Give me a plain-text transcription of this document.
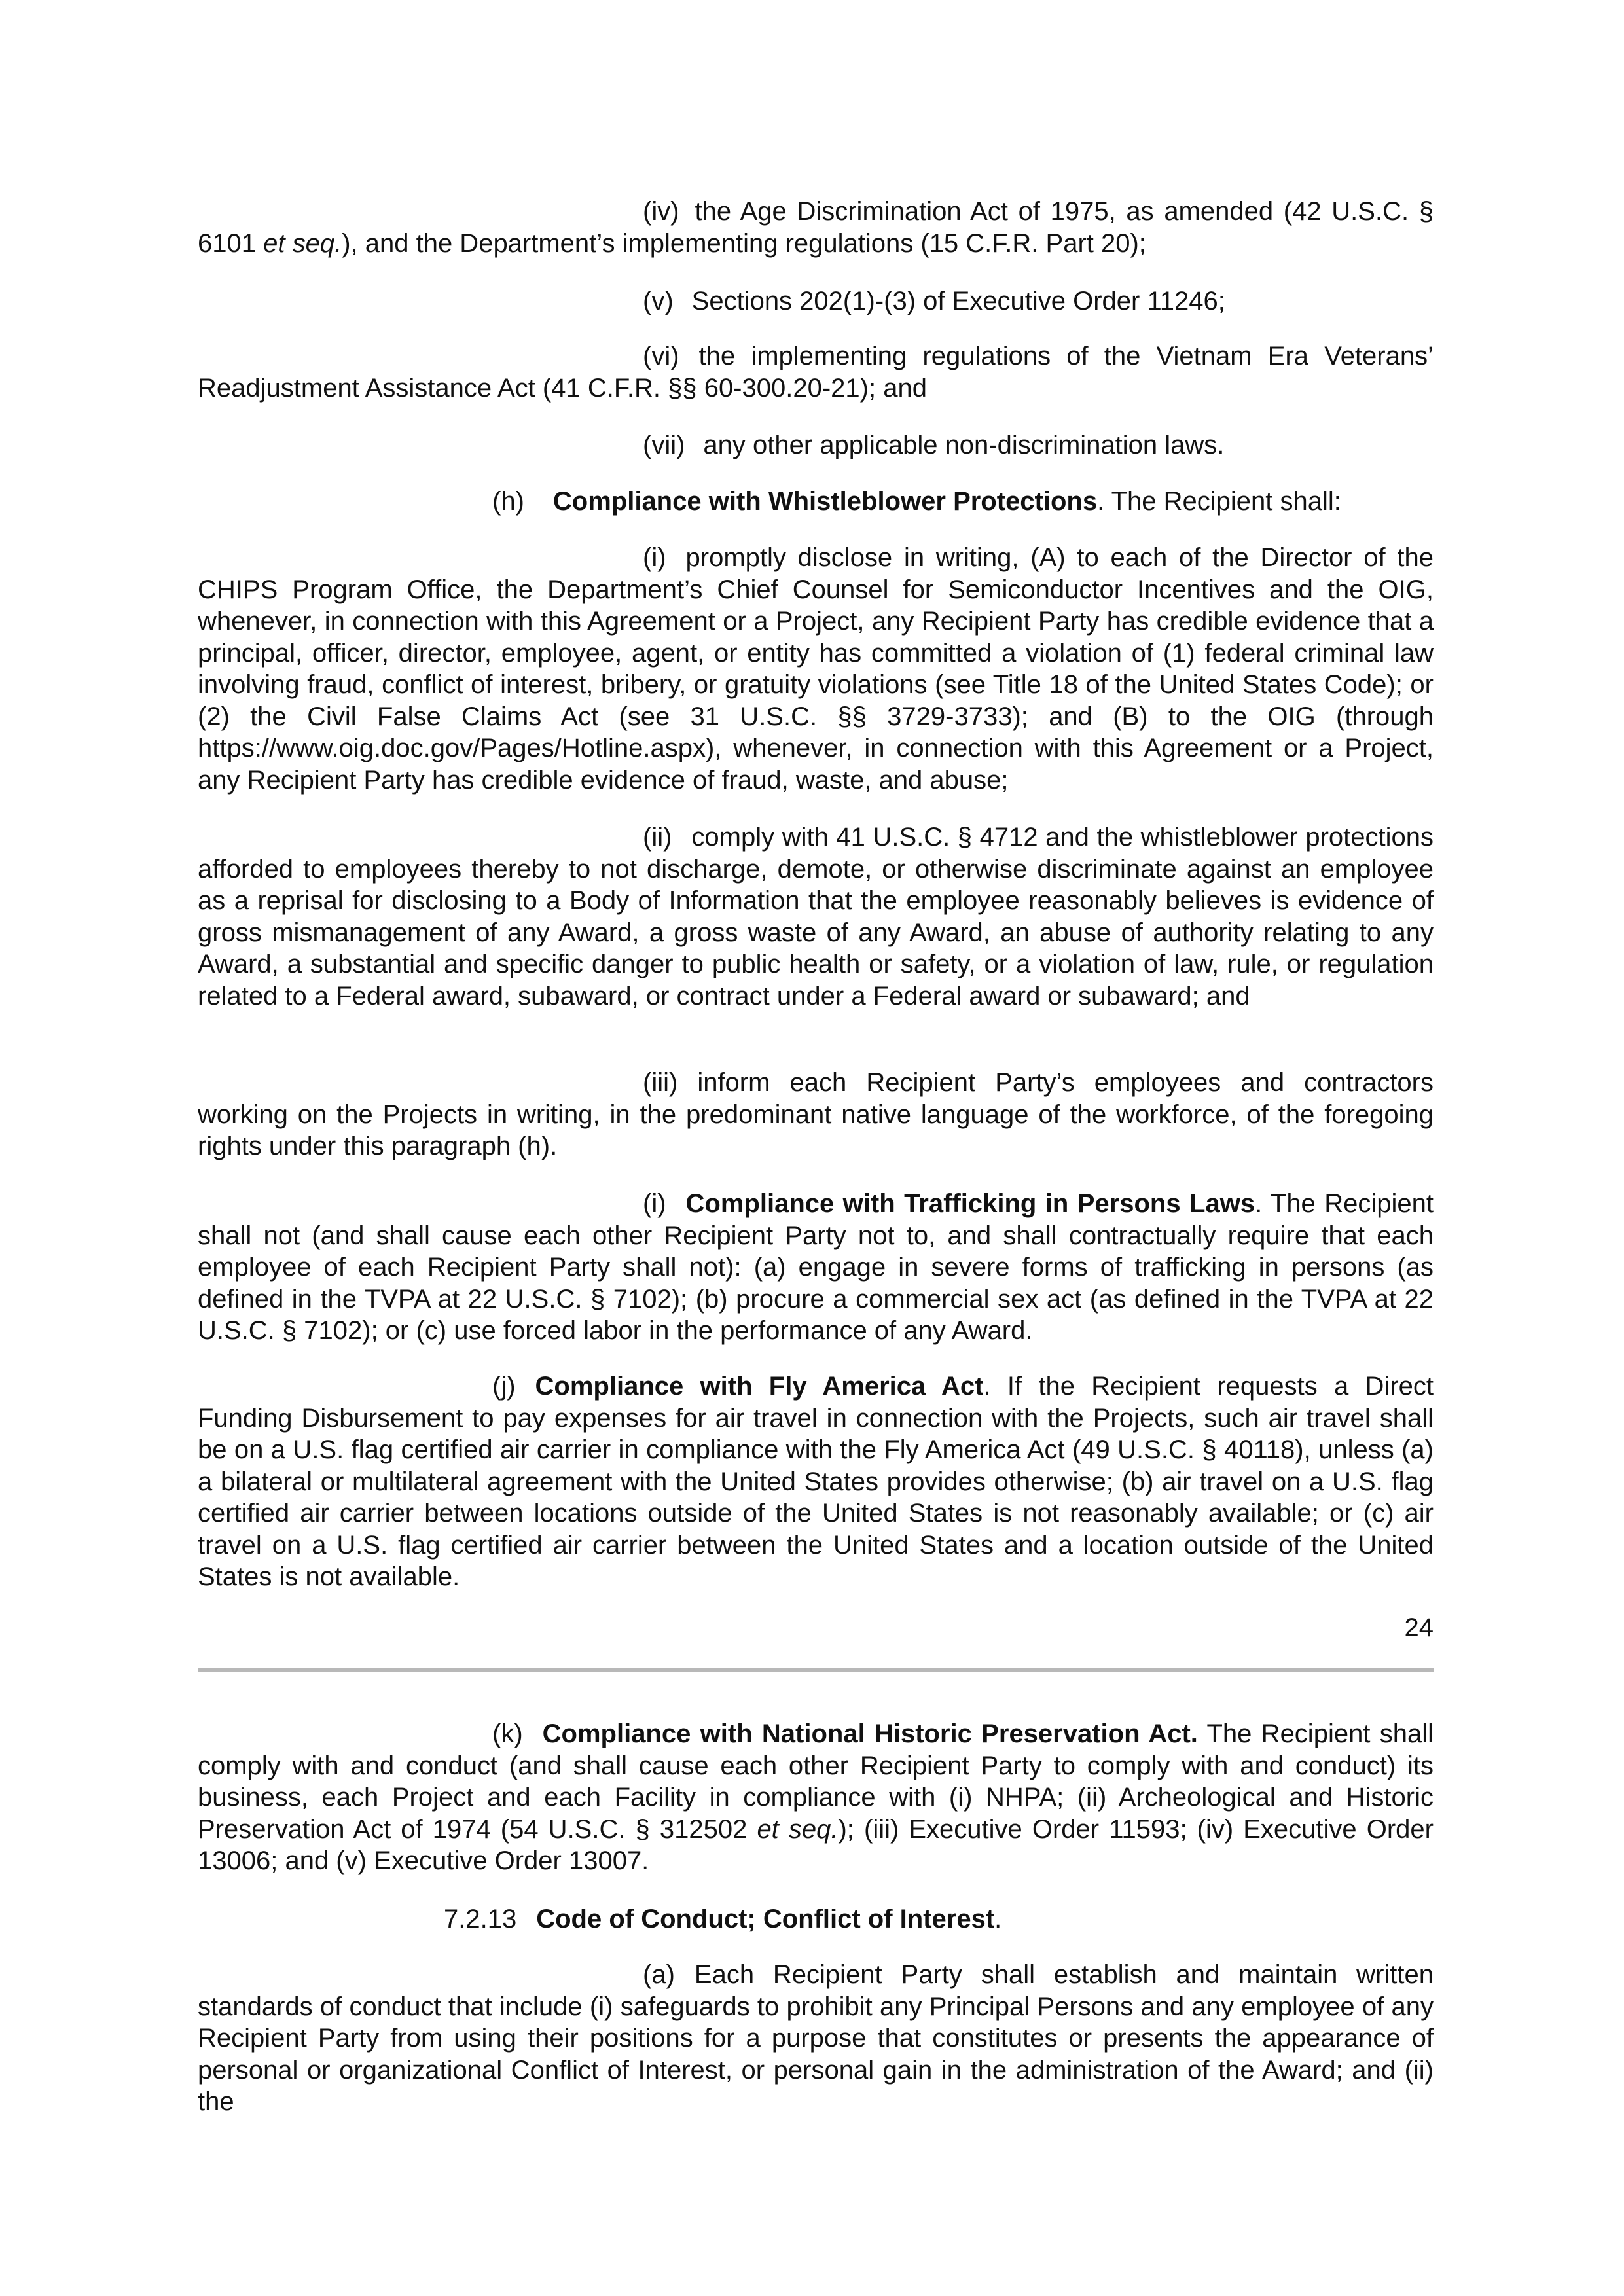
(iv) the Age Discrimination Act of 1975, as amended (42 U.S.C. § 6101 et seq.), and the Department’s implementing regulations (15 C.F.R. Part 20);

(v) Sections 202(1)-(3) of Executive Order 11246;

(vi) the implementing regulations of the Vietnam Era Veterans’ Readjustment Assistance Act (41 C.F.R. §§ 60-300.20-21); and

(vii) any other applicable non-discrimination laws.

(h) Compliance with Whistleblower Protections. The Recipient shall:

(i) promptly disclose in writing, (A) to each of the Director of the CHIPS Program Office, the Department’s Chief Counsel for Semiconductor Incentives and the OIG, whenever, in connection with this Agreement or a Project, any Recipient Party has credible evidence that a principal, officer, director, employee, agent, or entity has committed a violation of (1) federal criminal law involving fraud, conflict of interest, bribery, or gratuity violations (see Title 18 of the United States Code); or (2) the Civil False Claims Act (see 31 U.S.C. §§ 3729-3733); and (B) to the OIG (through https://www.oig.doc.gov/Pages/Hotline.aspx), whenever, in connection with this Agreement or a Project, any Recipient Party has credible evidence of fraud, waste, and abuse;

(ii) comply with 41 U.S.C. § 4712 and the whistleblower protections afforded to employees thereby to not discharge, demote, or otherwise discriminate against an employee as a reprisal for disclosing to a Body of Information that the employee reasonably believes is evidence of gross mismanagement of any Award, a gross waste of any Award, an abuse of authority relating to any Award, a substantial and specific danger to public health or safety, or a violation of law, rule, or regulation related to a Federal award, subaward, or contract under a Federal award or subaward; and

(iii) inform each Recipient Party’s employees and contractors working on the Projects in writing, in the predominant native language of the workforce, of the foregoing rights under this paragraph (h).

(i) Compliance with Trafficking in Persons Laws. The Recipient shall not (and shall cause each other Recipient Party not to, and shall contractually require that each employee of each Recipient Party shall not): (a) engage in severe forms of trafficking in persons (as defined in the TVPA at 22 U.S.C. § 7102); (b) procure a commercial sex act (as defined in the TVPA at 22 U.S.C. § 7102); or (c) use forced labor in the performance of any Award.

(j) Compliance with Fly America Act. If the Recipient requests a Direct Funding Disbursement to pay expenses for air travel in connection with the Projects, such air travel shall be on a U.S. flag certified air carrier in compliance with the Fly America Act (49 U.S.C. § 40118), unless (a) a bilateral or multilateral agreement with the United States provides otherwise; (b) air travel on a U.S. flag certified air carrier between locations outside of the United States is not reasonably available; or (c) air travel on a U.S. flag certified air carrier between the United States and a location outside of the United States is not available.

24

(k) Compliance with National Historic Preservation Act. The Recipient shall comply with and conduct (and shall cause each other Recipient Party to comply with and conduct) its business, each Project and each Facility in compliance with (i) NHPA; (ii) Archeological and Historic Preservation Act of 1974 (54 U.S.C. § 312502 et seq.); (iii) Executive Order 11593; (iv) Executive Order 13006; and (v) Executive Order 13007.

7.2.13 Code of Conduct; Conflict of Interest.

(a) Each Recipient Party shall establish and maintain written standards of conduct that include (i) safeguards to prohibit any Principal Persons and any employee of any Recipient Party from using their positions for a purpose that constitutes or presents the appearance of personal or organizational Conflict of Interest, or personal gain in the administration of the Award; and (ii) the
